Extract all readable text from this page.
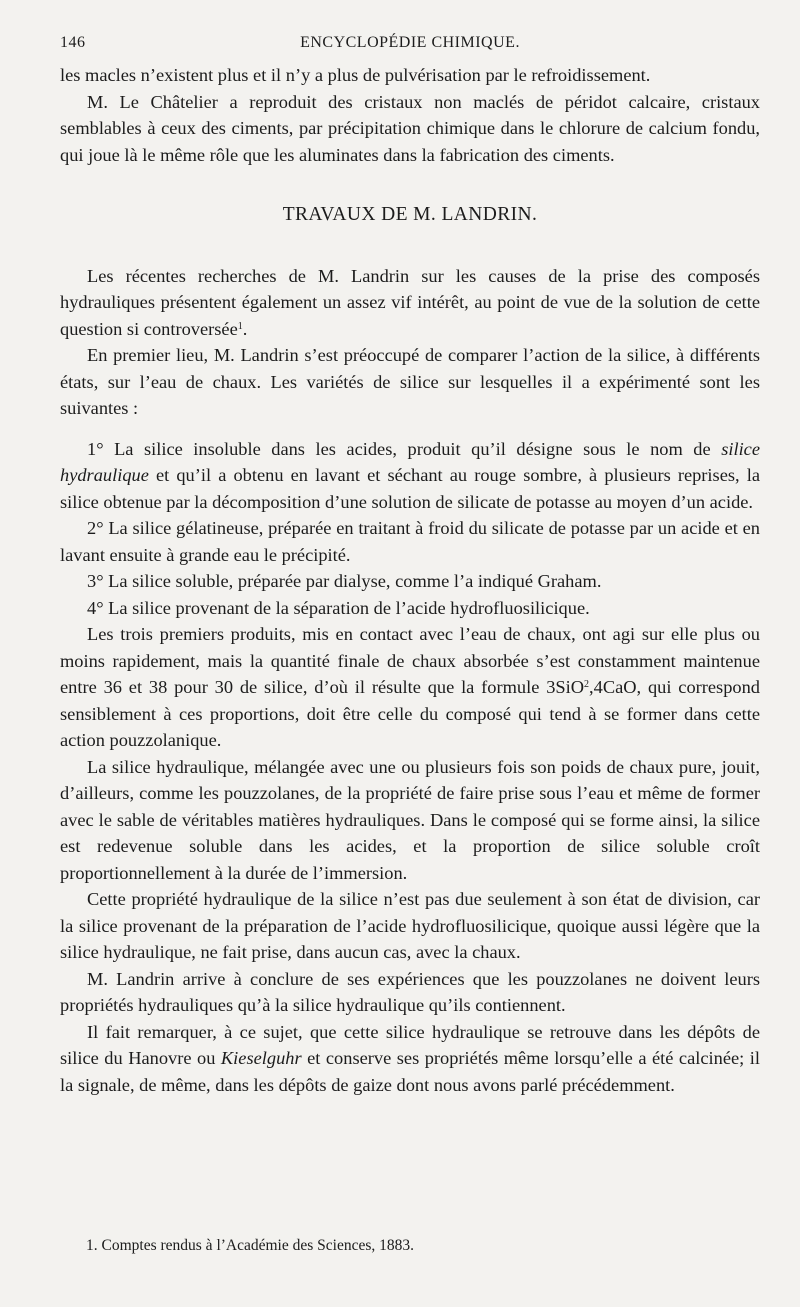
146	ENCYCLOPÉDIE CHIMIQUE.

les macles n’existent plus et il n’y a plus de pulvérisation par le refroidissement.

M. Le Châtelier a reproduit des cristaux non maclés de péridot calcaire, cristaux semblables à ceux des ciments, par précipitation chimique dans le chlorure de calcium fondu, qui joue là le même rôle que les aluminates dans la fabrication des ciments.

TRAVAUX DE M. LANDRIN.

Les récentes recherches de M. Landrin sur les causes de la prise des composés hydrauliques présentent également un assez vif intérêt, au point de vue de la solution de cette question si controversée$^1$.

En premier lieu, M. Landrin s’est préoccupé de comparer l’action de la silice, à différents états, sur l’eau de chaux. Les variétés de silice sur lesquelles il a expérimenté sont les suivantes :

1° La silice insoluble dans les acides, produit qu’il désigne sous le nom de silice hydraulique et qu’il a obtenu en lavant et séchant au rouge sombre, à plusieurs reprises, la silice obtenue par la décomposition d’une solution de silicate de potasse au moyen d’un acide.

2° La silice gélatineuse, préparée en traitant à froid du silicate de potasse par un acide et en lavant ensuite à grande eau le précipité.

3° La silice soluble, préparée par dialyse, comme l’a indiqué Graham.

4° La silice provenant de la séparation de l’acide hydrofluosilicique.

Les trois premiers produits, mis en contact avec l’eau de chaux, ont agi sur elle plus ou moins rapidement, mais la quantité finale de chaux absorbée s’est constamment maintenue entre 36 et 38 pour 30 de silice, d’où il résulte que la formule 3SiO$^2$,4CaO, qui correspond sensiblement à ces proportions, doit être celle du composé qui tend à se former dans cette action pouzzolanique.

La silice hydraulique, mélangée avec une ou plusieurs fois son poids de chaux pure, jouit, d’ailleurs, comme les pouzzolanes, de la propriété de faire prise sous l’eau et même de former avec le sable de véritables matières hydrauliques. Dans le composé qui se forme ainsi, la silice est redevenue soluble dans les acides, et la proportion de silice soluble croît proportionnellement à la durée de l’immersion.

Cette propriété hydraulique de la silice n’est pas due seulement à son état de division, car la silice provenant de la préparation de l’acide hydrofluosilicique, quoique aussi légère que la silice hydraulique, ne fait prise, dans aucun cas, avec la chaux.

M. Landrin arrive à conclure de ses expériences que les pouzzolanes ne doivent leurs propriétés hydrauliques qu’à la silice hydraulique qu’ils contiennent.

Il fait remarquer, à ce sujet, que cette silice hydraulique se retrouve dans les dépôts de silice du Hanovre ou Kieselguhr et conserve ses propriétés même lorsqu’elle a été calcinée; il la signale, de même, dans les dépôts de gaize dont nous avons parlé précédemment.

1. Comptes rendus à l’Académie des Sciences, 1883.
